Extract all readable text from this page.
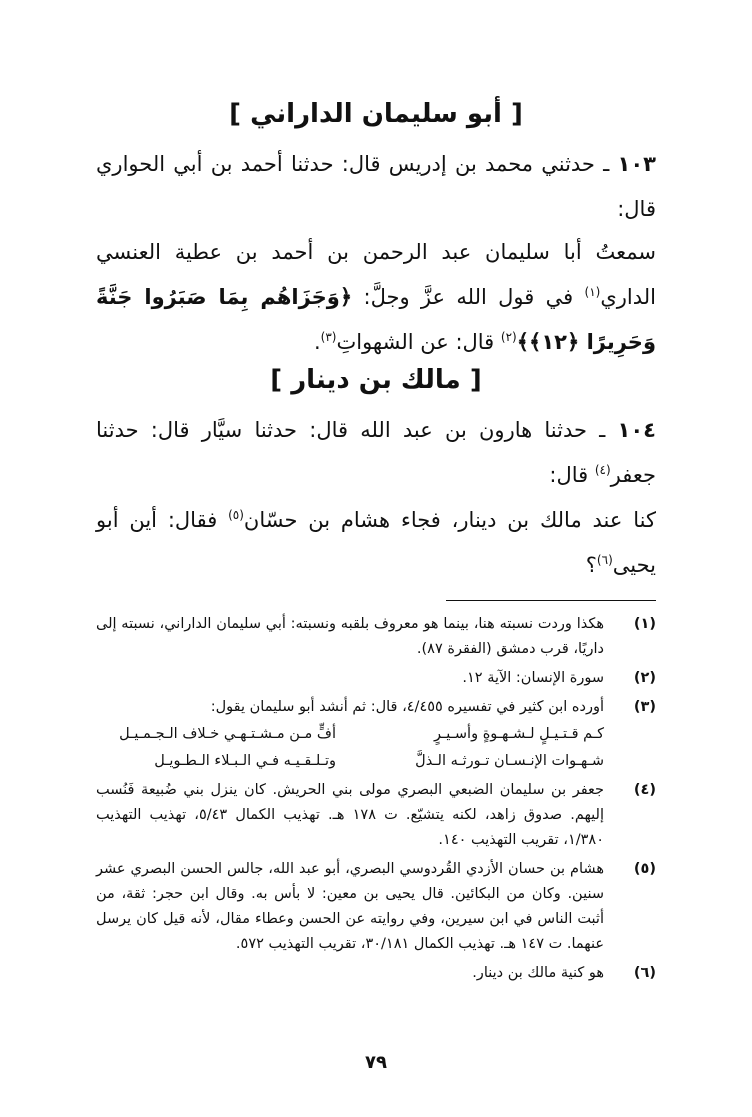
[ أبو سليمان الداراني ]

١٠٣ ـ حدثني محمد بن إدريس قال: حدثنا أحمد بن أبي الحواري قال:

سمعتُ أبا سليمان عبد الرحمن بن أحمد بن عطية العنسي الداري$^{(١)}$ في قول الله عزَّ وجلَّ: ﴿وَجَزَاهُم بِمَا صَبَرُوا جَنَّةً وَحَرِيرًا ﴿١٢﴾﴾$^{(٢)}$ قال: عن الشهواتِ$^{(٣)}$.

[ مالك بن دينار ]

١٠٤ ـ حدثنا هارون بن عبد الله قال: حدثنا سيَّار قال: حدثنا جعفر$^{(٤)}$ قال:

كنا عند مالك بن دينار، فجاء هشام بن حسّان$^{(٥)}$ فقال: أين أبو يحيى$^{(٦)}$؟

(١)
هكذا وردت نسبته هنا، بينما هو معروف بلقبه ونسبته: أبي سليمان الداراني، نسبته إلى داريًا، قرب دمشق (الفقرة ٨٧).
(٢)
سورة الإنسان: الآية ١٢.
(٣)
أورده ابن كثير في تفسيره ٤/٤٥٥، قال: ثم أنشد أبو سليمان يقول:
كـم قـتـيـلٍ لـشـهـوةٍ وأسـيـرٍ
أفٍّ مـن مـشـتـهـي خـلاف الـجـمـيـل
شـهـوات الإنـسـان تـورثـه الـذلَّ
وتـلـقـيـه فـي الـبـلاء الـطـويـل
(٤)
جعفر بن سليمان الضبعي البصري مولى بني الحريش. كان ينزل بني ضُبيعة فَنُسب إليهم. صدوق زاهد، لكنه يتشيّع. ت ١٧٨ هـ. تهذيب الكمال ٥/٤٣، تهذيب التهذيب ١/٣٨٠، تقريب التهذيب ١٤٠.
(٥)
هشام بن حسان الأزدي القُردوسي البصري، أبو عبد الله، جالس الحسن البصري عشر سنين. وكان من البكائين. قال يحيى بن معين: لا بأس به. وقال ابن حجر: ثقة، من أثبت الناس في ابن سيرين، وفي روايته عن الحسن وعطاء مقال، لأنه قيل كان يرسل عنهما. ت ١٤٧ هـ. تهذيب الكمال ٣٠/١٨١، تقريب التهذيب ٥٧٢.
(٦)
هو كنية مالك بن دينار.
٧٩
